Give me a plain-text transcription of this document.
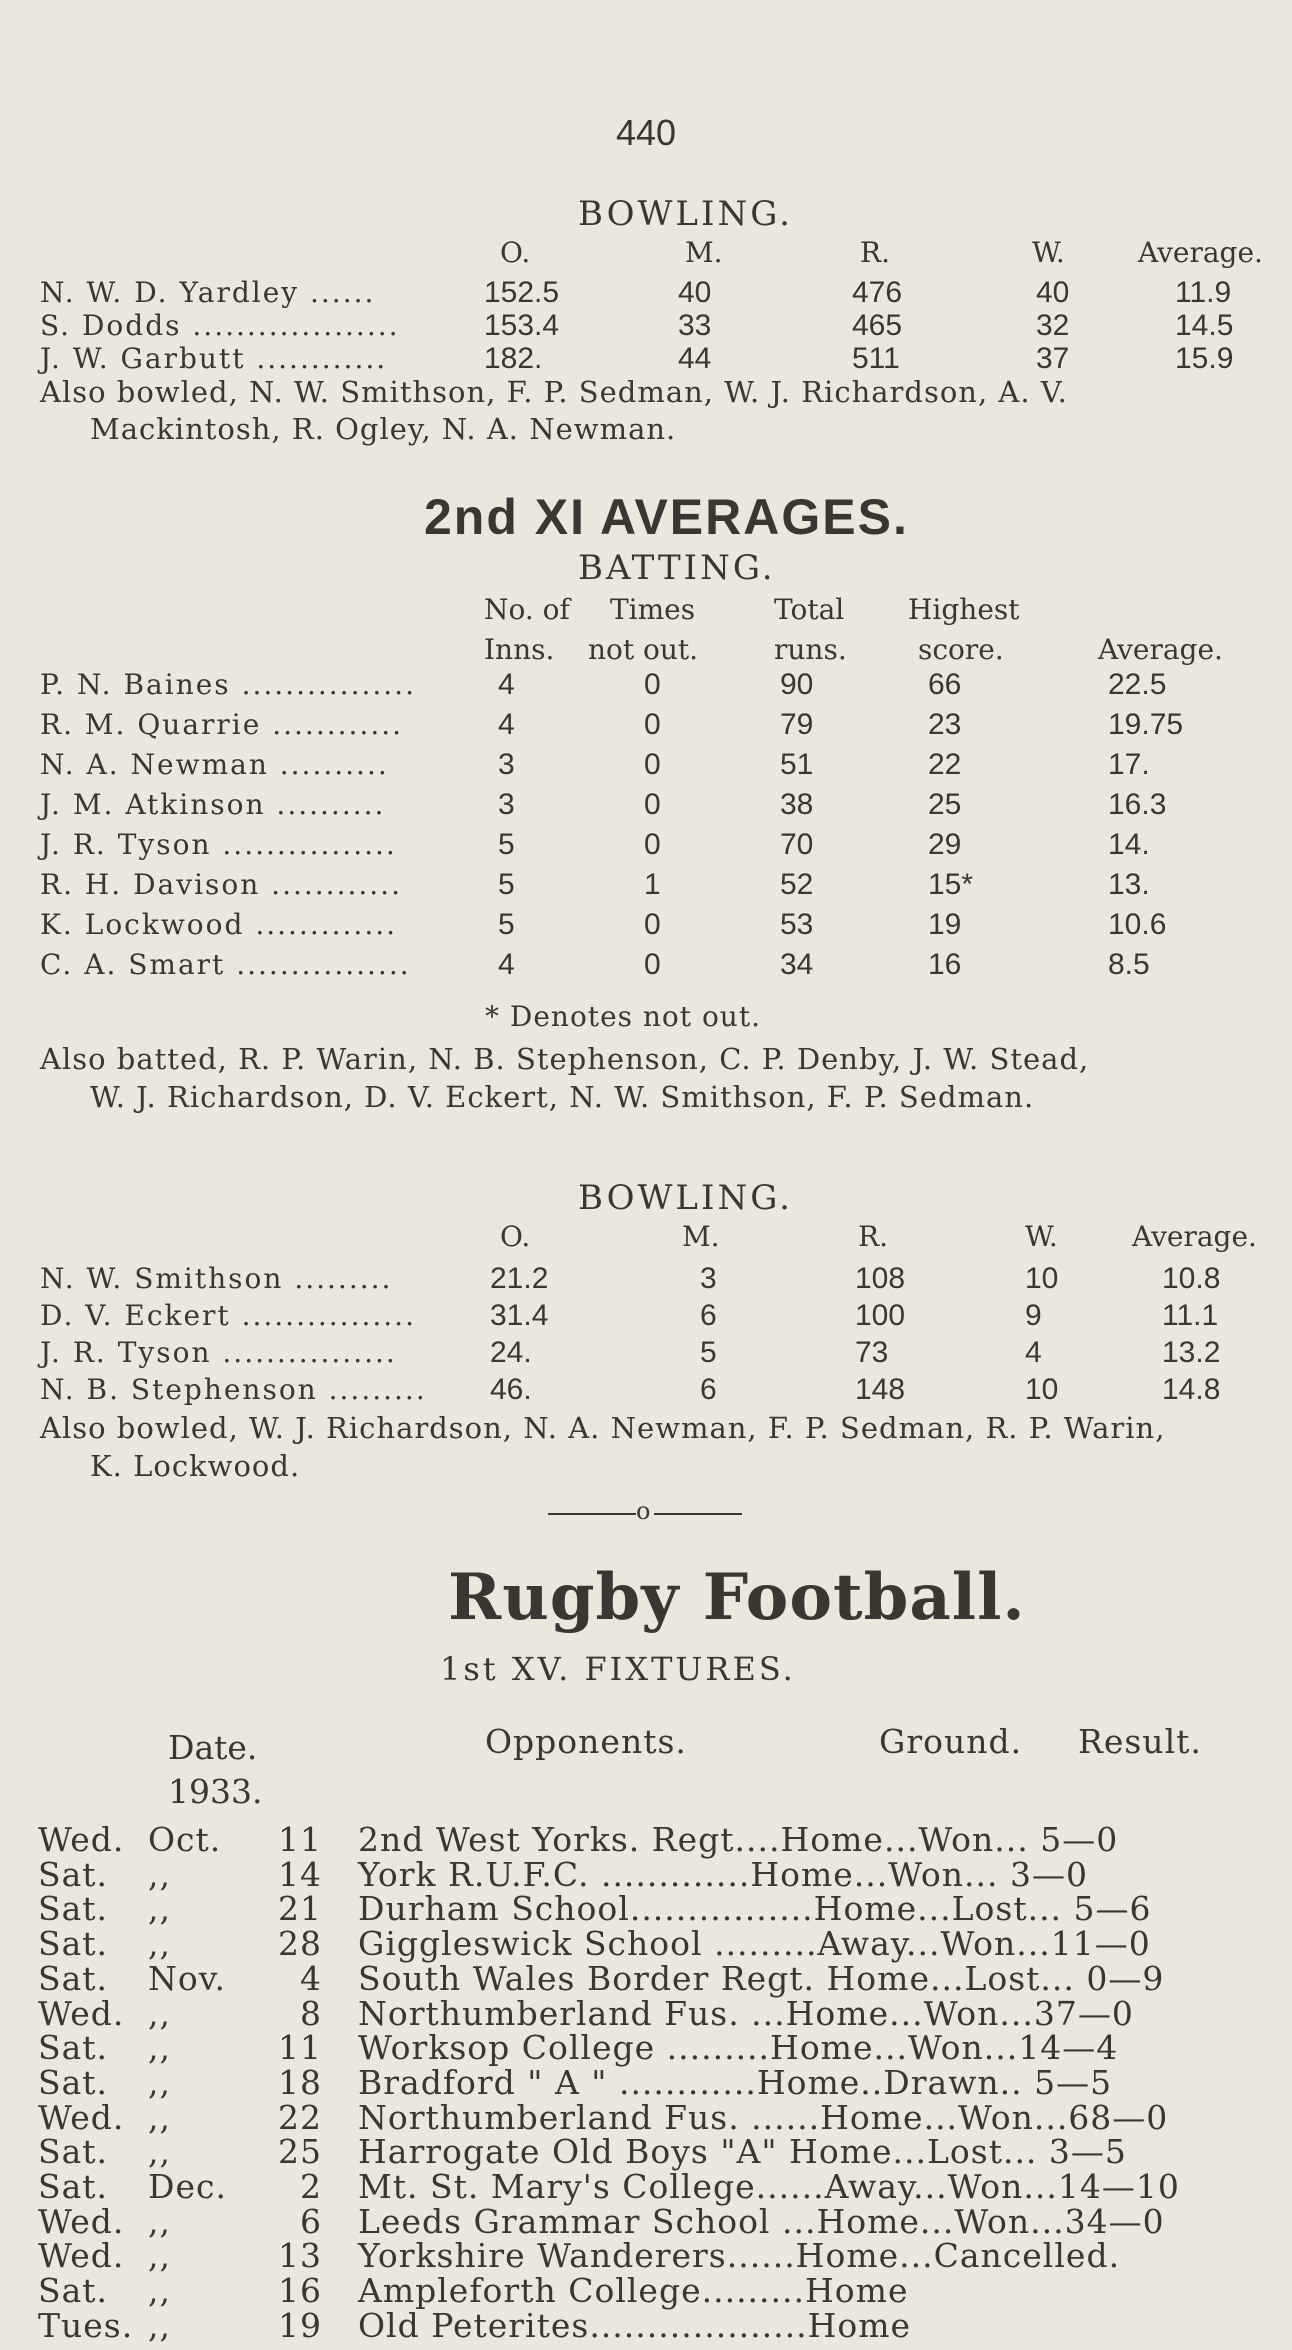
440
BOWLING.
O.	M.	R.	W.	Average.
N. W. D. Yardley ......	152.5	40	476	40	11.9
S. Dodds ...................	153.4	33	465	32	14.5
J. W. Garbutt ............	182.	44	511	37	15.9
Also bowled, N. W. Smithson, F. P. Sedman, W. J. Richardson, A. V.
Mackintosh, R. Ogley, N. A. Newman.
2nd XI AVERAGES.
BATTING.
No. of Times	Total Highest
Inns. not out.	runs.	score.	Average.
P. N. Baines ................	4	0	90	66	22.5
R. M. Quarrie ............	4	0	79	23	19.75
N. A. Newman ..........	3	0	51	22	17.
J. M. Atkinson ..........	3	0	38	25	16.3
J. R. Tyson ................	5	0	70	29	14.
R. H. Davison ............	5	1	52	15*	13.
K. Lockwood .............	5	0	53	19	10.6
C. A. Smart ................	4	0	34	16	8.5
* Denotes not out.
Also batted, R. P. Warin, N. B. Stephenson, C. P. Denby, J. W. Stead,
W. J. Richardson, D. V. Eckert, N. W. Smithson, F. P. Sedman.
BOWLING.
O.	M.	R.	W.	Average.
N. W. Smithson .........	21.2	3	108	10	10.8
D. V. Eckert ................ 31.4	6	100	9	11.1
J. R. Tyson ................	24.	5	73	4	13.2
N. B. Stephenson ......... 46.	6	148	10	14.8
Also bowled, W. J. Richardson, N. A. Newman, F. P. Sedman, R. P. Warin,
K. Lockwood.
o
Rugby Football.
1st XV. FIXTURES.
Date.
1933.
Opponents.	Ground. Result.
Wed. Oct. 11 2nd West Yorks. Regt....Home...Won... 5—0
Sat. ,,	14 York R.U.F.C. .............Home...Won... 3—0
Sat. ,,	21 Durham School................Home...Lost... 5—6
Sat. ,,	28 Giggleswick School .........Away...Won...11—0
Sat. Nov. 4 South Wales Border Regt. Home...Lost... 0—9
Wed. ,,	8 Northumberland Fus. ...Home...Won...37—0
Sat. ,,	11 Worksop College .........Home...Won...14—4
Sat. ,,	18 Bradford " A " ............Home..Drawn.. 5—5
Wed. ,,	22 Northumberland Fus. ......Home...Won...68—0
Sat. ,,	25 Harrogate Old Boys "A" Home...Lost... 3—5
Sat. Dec. 2 Mt. St. Mary's College......Away...Won...14—10
Wed. ,,	6 Leeds Grammar School ...Home...Won...34—0
Wed. ,,	13 Yorkshire Wanderers......Home...Cancelled.
Sat. ,,	16 Ampleforth College.........Home
Tues. ,,	19 Old Peterites...................Home
